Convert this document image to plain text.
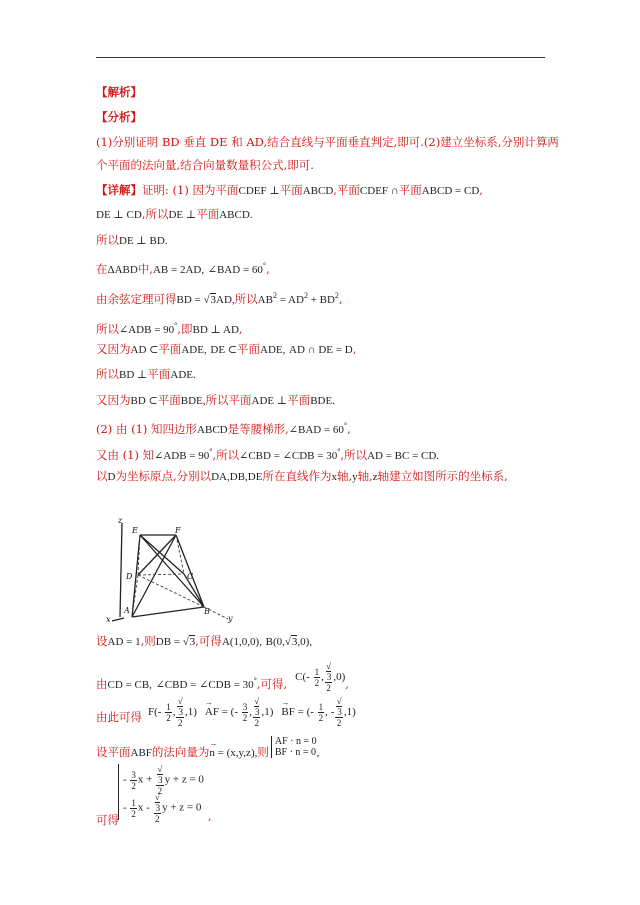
【解析】
【分析】
(1)分别证明 BD 垂直 DE 和 AD,结合直线与平面垂直判定,即可.(2)建立坐标系,分别计算两
个平面的法向量,结合向量数量积公式,即可.
【详解】证明: (1) 因为平面CDEF ⊥平面ABCD,平面CDEF ∩平面ABCD = CD,
DE ⊥ CD,所以DE ⊥平面ABCD.
所以DE ⊥ BD.
在ΔABD中,AB = 2AD, ∠BAD = 60°,
由余弦定理可得BD = √3AD,所以$AB^2 = AD^2 + BD^2$,
所以∠ADB = 90°,即BD ⊥ AD,
又因为AD ⊂平面ADE, DE ⊂平面ADE, AD ∩ DE = D,
所以BD ⊥平面ADE.
又因为BD ⊂平面BDE,所以平面ADE ⊥平面BDE.
(2) 由 (1) 知四边形ABCD是等腰梯形,∠BAD = 60°,
又由 (1) 知∠ADB = 90°,所以∠CBD = ∠CDB = 30°,所以AD = BC = CD.
以D为坐标原点,分别以DA,DB,DE所在直线作为x轴,y轴,z轴建立如图所示的坐标系,
z
E	F
D	C
A	B
x	y
设AD = 1,则DB = √3,可得A(1,0,0), B(0,√3,0),
由CD = CB, ∠CBD = ∠CDB = 30°,可得, $C(- \frac{1}{2}$ , √
3
2 ,0),
由此可得 $F(- \frac{1}{2}$ , √
3
2 ,1) → AF = (- $\frac{3}{2}$ , √
3
2 ,1) → BF = (- $\frac{1}{2}$ , - √
3
2 ,1)
设平面ABF的法向量为→ n = (x,y,z),则
AF · n = 0
BF · n = 0 ,
- $\frac{3}{2}$ x + √
3
2 y + z = 0
- $\frac{1}{2}$ x - √
3
2 y + z = 0
可得	,
